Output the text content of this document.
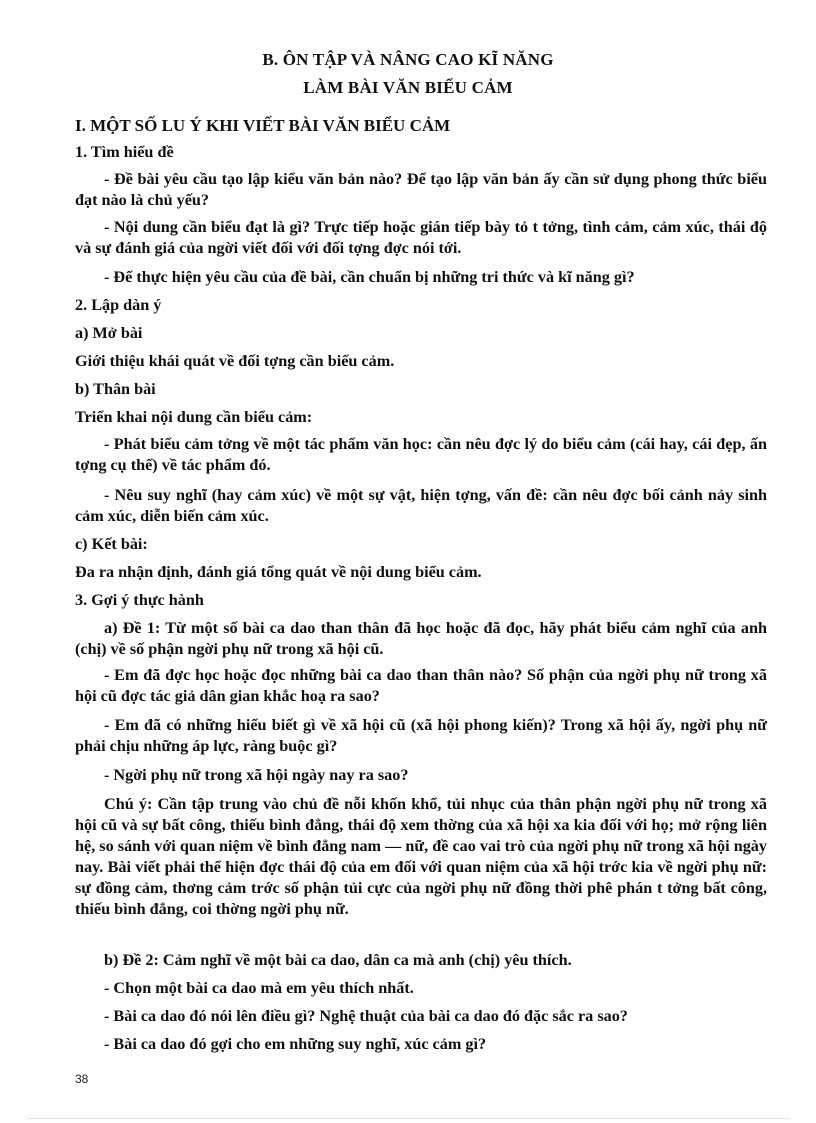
B. ÔN TẬP VÀ NÂNG CAO KĨ NĂNG
LÀM BÀI VĂN BIỂU CẢM
I. MỘT SỐ LU Ý KHI VIẾT BÀI VĂN BIỂU CẢM
1. Tìm hiểu đề
- Đề bài yêu cầu tạo lập kiểu văn bản nào? Để tạo lập văn bản ấy cần sử dụng phong thức biểu đạt nào là chủ yếu?
- Nội dung cần biểu đạt là gì? Trực tiếp hoặc gián tiếp bày tỏ t tởng, tình cảm, cảm xúc, thái độ và sự đánh giá của ngời viết đối với đối tợng đợc nói tới.
- Để thực hiện yêu cầu của đề bài, cần chuẩn bị những tri thức và kĩ năng gì?
2. Lập dàn ý
a) Mở bài
Giới thiệu khái quát về đối tợng cần biểu cảm.
b) Thân bài
Triển khai nội dung cần biểu cảm:
- Phát biểu cảm tởng về một tác phẩm văn học: cần nêu đợc lý do biểu cảm (cái hay, cái đẹp, ấn tợng cụ thể) về tác phẩm đó.
- Nêu suy nghĩ (hay cảm xúc) về một sự vật, hiện tợng, vấn đề: cần nêu đợc bối cảnh nảy sinh cảm xúc, diễn biến cảm xúc.
c) Kết bài:
Đa ra nhận định, đánh giá tổng quát về nội dung biểu cảm.
3. Gợi ý thực hành
a) Đề 1: Từ một số bài ca dao than thân đã học hoặc đã đọc, hãy phát biểu cảm nghĩ của anh (chị) về số phận ngời phụ nữ trong xã hội cũ.
- Em đã đợc học hoặc đọc những bài ca dao than thân nào? Số phận của ngời phụ nữ trong xã hội cũ đợc tác giả dân gian khắc hoạ ra sao?
- Em đã có những hiểu biết gì về xã hội cũ (xã hội phong kiến)? Trong xã hội ấy, ngời phụ nữ phải chịu những áp lực, ràng buộc gì?
- Ngời phụ nữ trong xã hội ngày nay ra sao?
Chú ý: Cần tập trung vào chủ đề nỗi khốn khổ, tủi nhục của thân phận ngời phụ nữ trong xã hội cũ và sự bất công, thiếu bình đẳng, thái độ xem thờng của xã hội xa kia đối với họ; mở rộng liên hệ, so sánh với quan niệm về bình đẳng nam — nữ, đề cao vai trò của ngời phụ nữ trong xã hội ngày nay. Bài viết phải thể hiện đợc thái độ của em đối với quan niệm của xã hội trớc kia về ngời phụ nữ: sự đồng cảm, thơng cảm trớc số phận tủi cực của ngời phụ nữ đồng thời phê phán t tởng bất công, thiếu bình đẳng, coi thờng ngời phụ nữ.
b) Đề 2: Cảm nghĩ về một bài ca dao, dân ca mà anh (chị) yêu thích.
- Chọn một bài ca dao mà em yêu thích nhất.
- Bài ca dao đó nói lên điều gì? Nghệ thuật của bài ca dao đó đặc sắc ra sao?
- Bài ca dao đó gợi cho em những suy nghĩ, xúc cảm gì?
38
